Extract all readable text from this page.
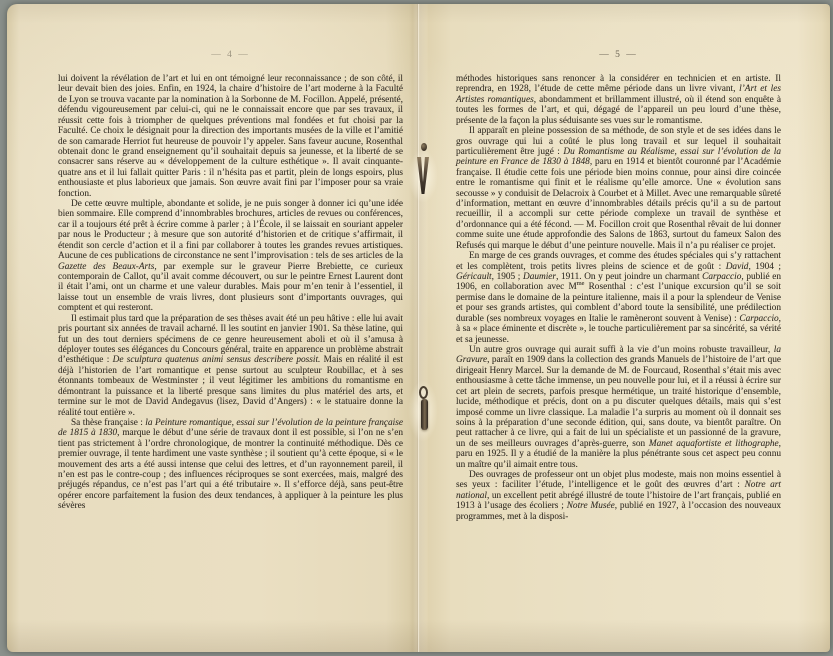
— 4 —

lui doivent la révélation de l’art et lui en ont témoigné leur reconnaissance ; de son côté, il leur devait bien des joies. Enfin, en 1924, la chaire d’histoire de l’art moderne à la Faculté de Lyon se trouva vacante par la nomination à la Sorbonne de M. Focillon. Appelé, présenté, défendu vigoureusement par celui-ci, qui ne le connaissait encore que par ses travaux, il réussit cette fois à triompher de quelques préventions mal fondées et fut choisi par la Faculté. Ce choix le désignait pour la direction des importants musées de la ville et l’amitié de son camarade Herriot fut heureuse de pouvoir l’y appeler. Sans faveur aucune, Rosenthal obtenait donc le grand enseignement qu’il souhaitait depuis sa jeunesse, et la liberté de se consacrer sans réserve au « développement de la culture esthétique ». Il avait cinquante-quatre ans et il lui fallait quitter Paris : il n’hésita pas et partit, plein de longs espoirs, plus enthousiaste et plus laborieux que jamais. Son œuvre avait fini par l’imposer pour sa vraie fonction.

De cette œuvre multiple, abondante et solide, je ne puis songer à donner ici qu’une idée bien sommaire. Elle comprend d’innombrables brochures, articles de revues ou conférences, car il a toujours été prêt à écrire comme à parler ; à l’École, il se laissait en souriant appeler par nous le Producteur ; à mesure que son autorité d’historien et de critique s’affirmait, il étendit son cercle d’action et il a fini par collaborer à toutes les grandes revues artistiques. Aucune de ces publications de circonstance ne sent l’improvisation : tels de ses articles de la Gazette des Beaux-Arts, par exemple sur le graveur Pierre Brebiette, ce curieux contemporain de Callot, qu’il avait comme découvert, ou sur le peintre Ernest Laurent dont il était l’ami, ont un charme et une valeur durables. Mais pour m’en tenir à l’essentiel, il laisse tout un ensemble de vrais livres, dont plusieurs sont d’importants ouvrages, qui comptent et qui resteront.

Il estimait plus tard que la préparation de ses thèses avait été un peu hâtive : elle lui avait pris pourtant six années de travail acharné. Il les soutint en janvier 1901. Sa thèse latine, qui fut un des tout derniers spécimens de ce genre heureusement aboli et où il s’amusa à déployer toutes ses élégances du Concours général, traite en apparence un problème abstrait d’esthétique : De sculptura quatenus animi sensus describere possit. Mais en réalité il est déjà l’historien de l’art romantique et pense surtout au sculpteur Roubillac, et à ses étonnants tombeaux de Westminster ; il veut légitimer les ambitions du romantisme en démontrant la puissance et la liberté presque sans limites du plus matériel des arts, et termine sur le mot de David Andegavus (lisez, David d’Angers) : « le statuaire donne la réalité tout entière ».

Sa thèse française : la Peinture romantique, essai sur l’évolution de la peinture française de 1815 à 1830, marque le début d’une série de travaux dont il est possible, si l’on ne s’en tient pas strictement à l’ordre chronologique, de montrer la continuité méthodique. Dès ce premier ouvrage, il tente hardiment une vaste synthèse ; il soutient qu’à cette époque, si « le mouvement des arts a été aussi intense que celui des lettres, et d’un rayonnement pareil, il n’en est pas le contre-coup ; des influences réciproques se sont exercées, mais, malgré des préjugés répandus, ce n’est pas l’art qui a été tributaire ». Il s’efforce déjà, sans peut-être opérer encore parfaitement la fusion des deux tendances, à appliquer à la peinture les plus sévères

— 5 —

méthodes historiques sans renoncer à la considérer en technicien et en artiste. Il reprendra, en 1928, l’étude de cette même période dans un livre vivant, l’Art et les Artistes romantiques, abondamment et brillamment illustré, où il étend son enquête à toutes les formes de l’art, et qui, dégagé de l’appareil un peu lourd d’une thèse, présente de la façon la plus séduisante ses vues sur le romantisme.

Il apparaît en pleine possession de sa méthode, de son style et de ses idées dans le gros ouvrage qui lui a coûté le plus long travail et sur lequel il souhaitait particulièrement être jugé : Du Romantisme au Réalisme, essai sur l’évolution de la peinture en France de 1830 à 1848, paru en 1914 et bientôt couronné par l’Académie française. Il étudie cette fois une période bien moins connue, pour ainsi dire coincée entre le romantisme qui finit et le réalisme qu’elle amorce. Une « évolution sans secousse » y conduisit de Delacroix à Courbet et à Millet. Avec une remarquable sûreté d’information, mettant en œuvre d’innombrables détails précis qu’il a su de partout recueillir, il a accompli sur cette période complexe un travail de synthèse et d’ordonnance qui a été fécond. — M. Focillon croit que Rosenthal rêvait de lui donner comme suite une étude approfondie des Salons de 1863, surtout du fameux Salon des Refusés qui marque le début d’une peinture nouvelle. Mais il n’a pu réaliser ce projet.

En marge de ces grands ouvrages, et comme des études spéciales qui s’y rattachent et les complètent, trois petits livres pleins de science et de goût : David, 1904 ; Géricault, 1905 ; Daumier, 1911. On y peut joindre un charmant Carpaccio, publié en 1906, en collaboration avec $M^{me}$ Rosenthal : c’est l’unique excursion qu’il se soit permise dans le domaine de la peinture italienne, mais il a pour la splendeur de Venise et pour ses grands artistes, qui comblent d’abord toute la sensibilité, une prédilection durable (ses nombreux voyages en Italie le ramèneront souvent à Venise) : Carpaccio, à sa « place éminente et discrète », le touche particulièrement par sa sincérité, sa vérité et sa jeunesse.

Un autre gros ouvrage qui aurait suffi à la vie d’un moins robuste travailleur, la Gravure, paraît en 1909 dans la collection des grands Manuels de l’histoire de l’art que dirigeait Henry Marcel. Sur la demande de M. de Fourcaud, Rosenthal s’était mis avec enthousiasme à cette tâche immense, un peu nouvelle pour lui, et il a réussi à écrire sur cet art plein de secrets, parfois presque hermétique, un traité historique d’ensemble, lucide, méthodique et précis, dont on a pu discuter quelques détails, mais qui s’est imposé comme un livre classique. La maladie l’a surpris au moment où il donnait ses soins à la préparation d’une seconde édition, qui, sans doute, va bientôt paraître. On peut rattacher à ce livre, qui a fait de lui un spécialiste et un passionné de la gravure, un de ses meilleurs ouvrages d’après-guerre, son Manet aquafortiste et lithographe, paru en 1925. Il y a étudié de la manière la plus pénétrante sous cet aspect peu connu un maître qu’il aimait entre tous.

Des ouvrages de professeur ont un objet plus modeste, mais non moins essentiel à ses yeux : faciliter l’étude, l’intelligence et le goût des œuvres d’art : Notre art national, un excellent petit abrégé illustré de toute l’histoire de l’art français, publié en 1913 à l’usage des écoliers ; Notre Musée, publié en 1927, à l’occasion des nouveaux programmes, met à la disposi-
